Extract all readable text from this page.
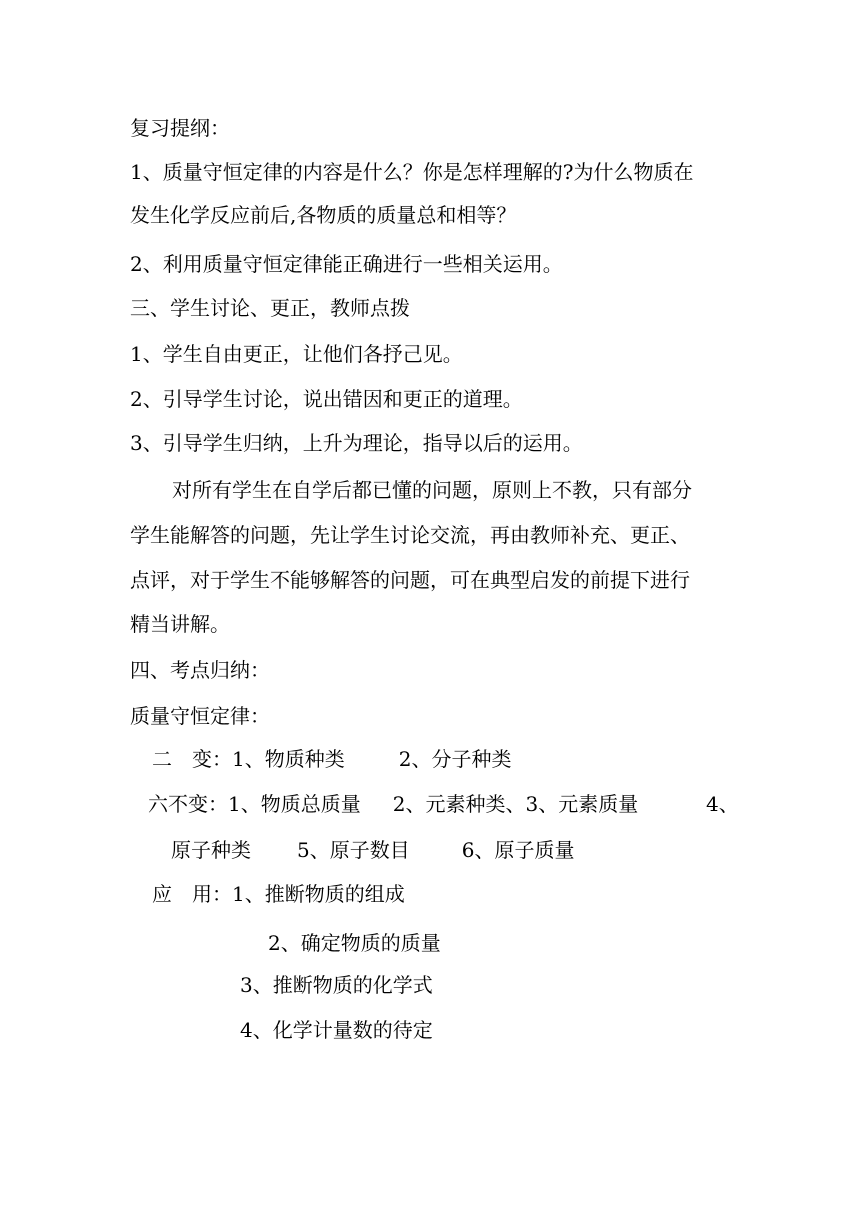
复习提纲：
1、质量守恒定律的内容是什么？你是怎样理解的?为什么物质在
发生化学反应前后,各物质的质量总和相等？
2、利用质量守恒定律能正确进行一些相关运用。
三、学生讨论、更正，教师点拨
1、学生自由更正，让他们各抒己见。
2、引导学生讨论，说出错因和更正的道理。
3、引导学生归纳，上升为理论，指导以后的运用。
对所有学生在自学后都已懂的问题，原则上不教，只有部分
学生能解答的问题，先让学生讨论交流，再由教师补充、更正、
点评，对于学生不能够解答的问题，可在典型启发的前提下进行
精当讲解。
四、考点归纳：
质量守恒定律：
二　变：1、物质种类	2、分子种类
六不变：1、物质总质量 2、元素种类、3、元素质量	4、
原子种类 5、原子数目	6、原子质量
应　用：1、推断物质的组成
2、确定物质的质量
3、推断物质的化学式
4、化学计量数的待定
